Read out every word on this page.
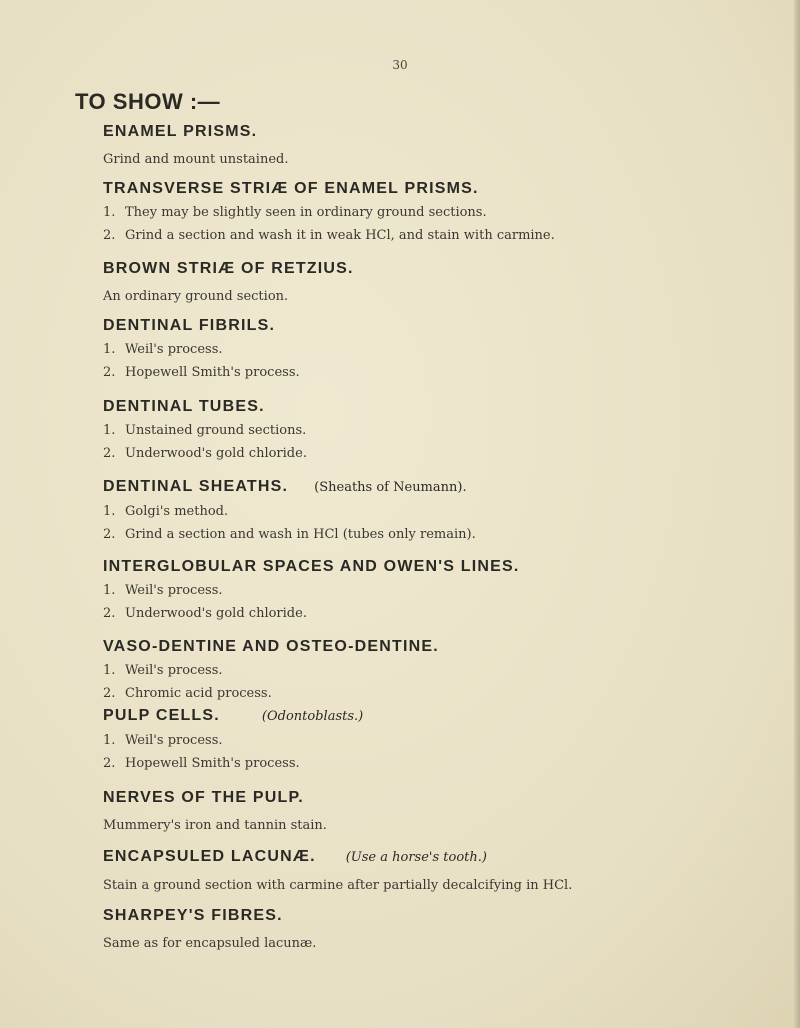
30
TO SHOW :—
ENAMEL PRISMS.
Grind and mount unstained.
TRANSVERSE STRIÆ OF ENAMEL PRISMS.
1. They may be slightly seen in ordinary ground sections.
2. Grind a section and wash it in weak HCl, and stain with carmine.
BROWN STRIÆ OF RETZIUS.
An ordinary ground section.
DENTINAL FIBRILS.
1. Weil's process.
2. Hopewell Smith's process.
DENTINAL TUBES.
1. Unstained ground sections.
2. Underwood's gold chloride.
DENTINAL SHEATHS. (Sheaths of Neumann).
1. Golgi's method.
2. Grind a section and wash in HCl (tubes only remain).
INTERGLOBULAR SPACES AND OWEN'S LINES.
1. Weil's process.
2. Underwood's gold chloride.
VASO-DENTINE AND OSTEO-DENTINE.
1. Weil's process.
2. Chromic acid process.
PULP CELLS.	(Odontoblasts.)
1. Weil's process.
2. Hopewell Smith's process.
NERVES OF THE PULP.
Mummery's iron and tannin stain.
ENCAPSULED LACUNÆ. (Use a horse's tooth.)
Stain a ground section with carmine after partially decalcifying in HCl.
SHARPEY'S FIBRES.
Same as for encapsuled lacunæ.
